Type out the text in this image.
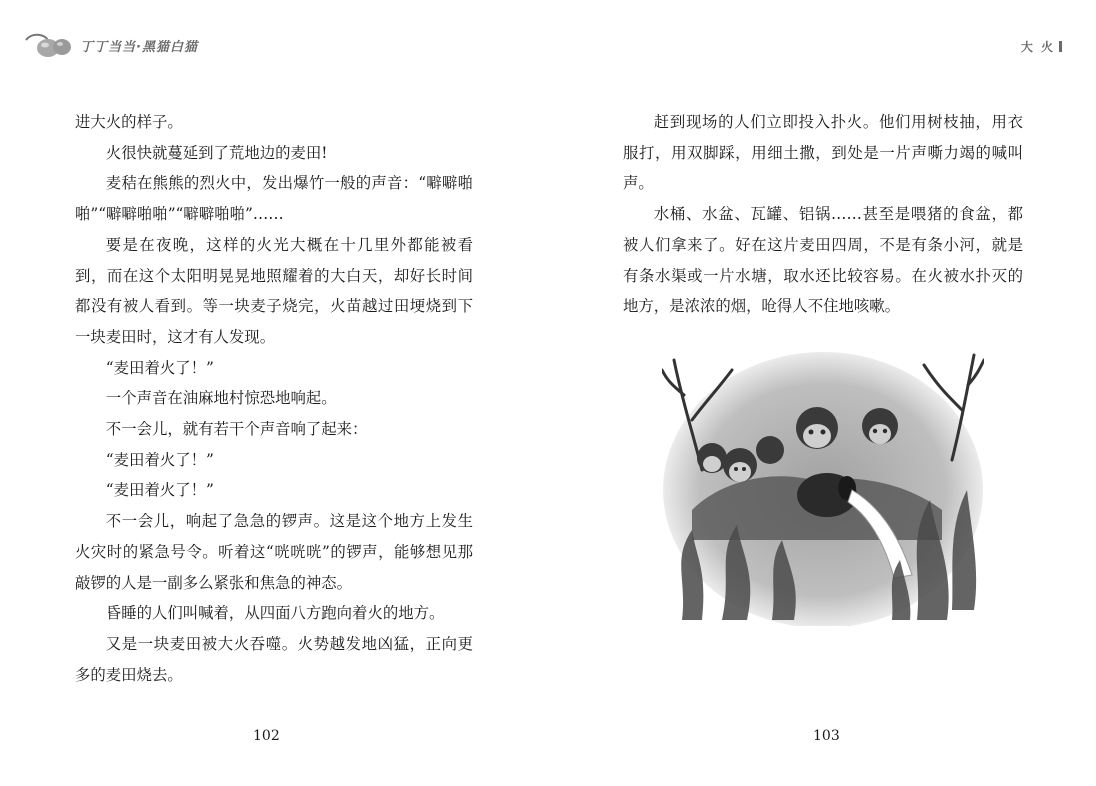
丁丁当当·黑猫白猫	大 火

进大火的样子。

火很快就蔓延到了荒地边的麦田!

麦秸在熊熊的烈火中，发出爆竹一般的声音：“噼噼啪啪”“噼噼啪啪”“噼噼啪啪”……

要是在夜晚，这样的火光大概在十几里外都能被看到，而在这个太阳明晃晃地照耀着的大白天，却好长时间都没有被人看到。等一块麦子烧完，火苗越过田埂烧到下一块麦田时，这才有人发现。

“麦田着火了！”

一个声音在油麻地村惊恐地响起。

不一会儿，就有若干个声音响了起来：

“麦田着火了！”

“麦田着火了！”

不一会儿，响起了急急的锣声。这是这个地方上发生火灾时的紧急号令。听着这“咣咣咣”的锣声，能够想见那敲锣的人是一副多么紧张和焦急的神态。

昏睡的人们叫喊着，从四面八方跑向着火的地方。

又是一块麦田被大火吞噬。火势越发地凶猛，正向更多的麦田烧去。

赶到现场的人们立即投入扑火。他们用树枝抽，用衣服打，用双脚踩，用细土撒，到处是一片声嘶力竭的喊叫声。

水桶、水盆、瓦罐、铝锅……甚至是喂猪的食盆，都被人们拿来了。好在这片麦田四周，不是有条小河，就是有条水渠或一片水塘，取水还比较容易。在火被水扑灭的地方，是浓浓的烟，呛得人不住地咳嗽。

102	103
